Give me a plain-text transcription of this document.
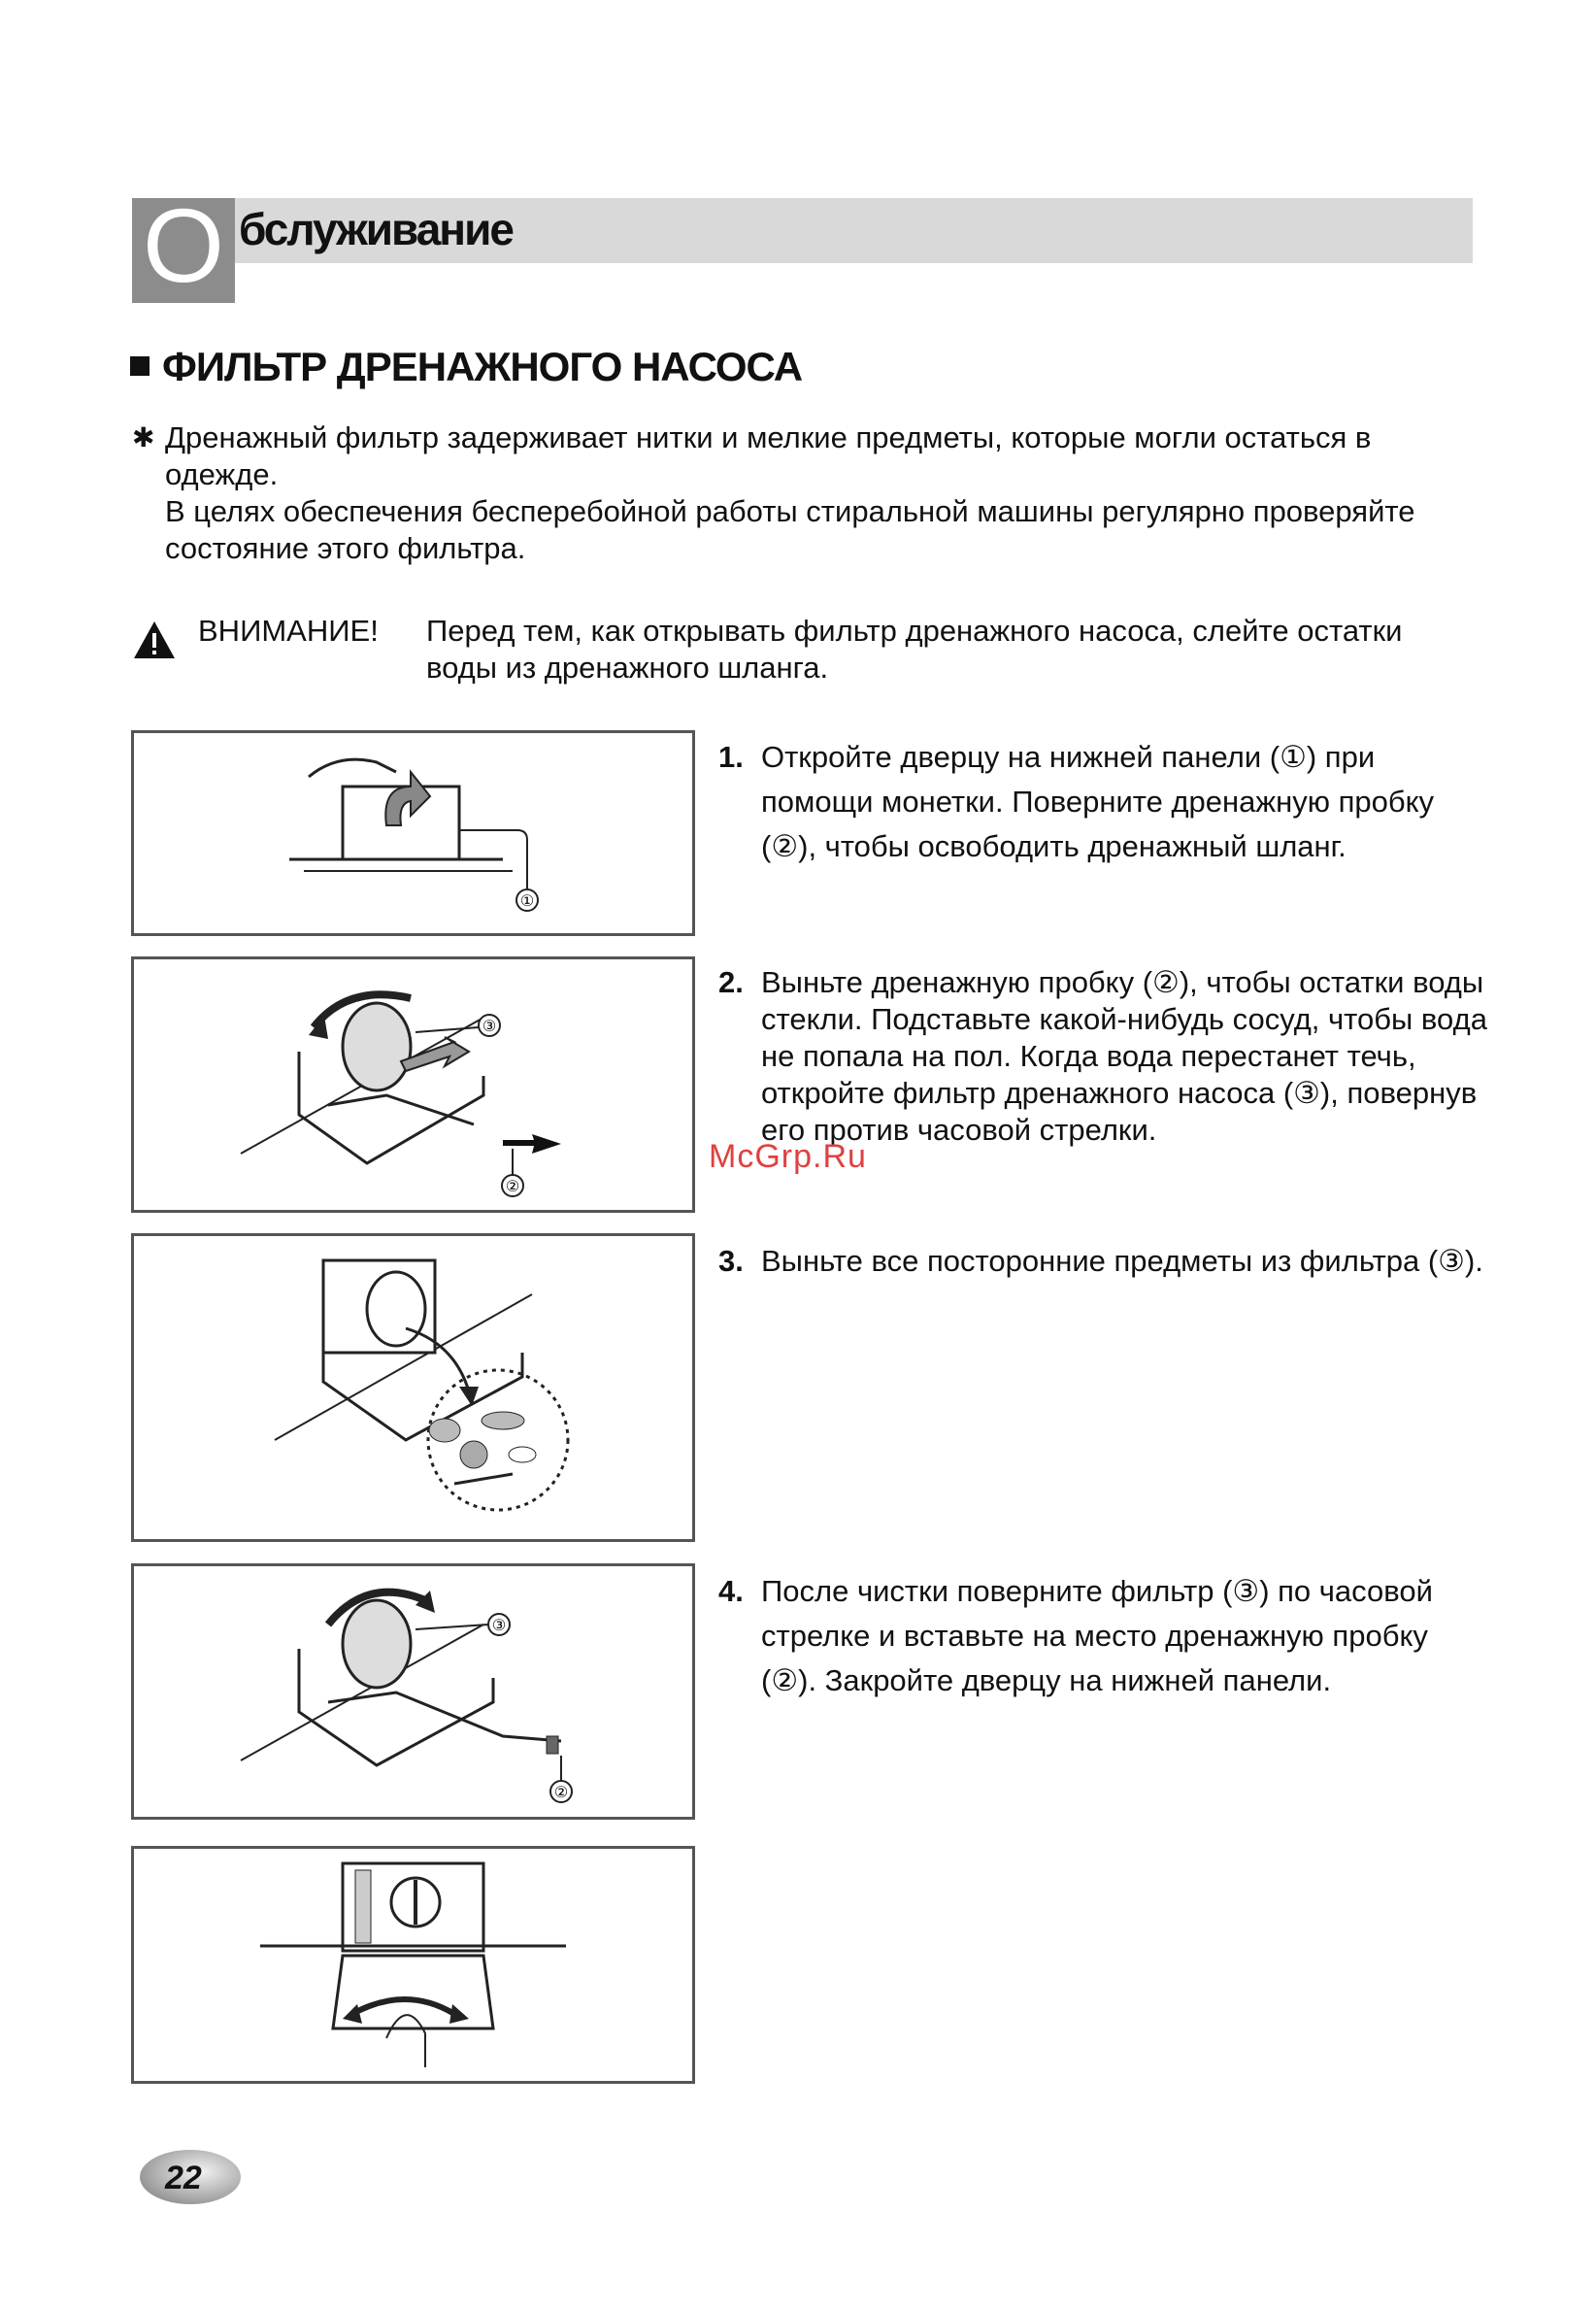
О бслуживание
ФИЛЬТР ДРЕНАЖНОГО НАСОСА
✱ Дренажный фильтр задерживает нитки и мелкие предметы, которые могли остаться в одежде.
В целях обеспечения бесперебойной работы стиральной машины регулярно проверяйте состояние этого фильтра.
ВНИМАНИЕ! Перед тем, как открывать фильтр дренажного насоса, слейте остатки воды из дренажного шланга.
①
③
②
③
②
1. Откройте дверцу на нижней панели (①) при помощи монетки. Поверните дренажную пробку (②), чтобы освободить дренажный шланг.
2. Выньте дренажную пробку (②), чтобы остатки воды стекли. Подставьте какой-нибудь сосуд, чтобы вода не попала на пол. Когда вода перестанет течь, откройте фильтр дренажного насоса (③), повернув его против часовой стрелки.
3. Выньте все посторонние предметы из фильтра (③).
4. После чистки поверните фильтр (③) по часовой стрелке и вставьте на место дренажную пробку (②). Закройте дверцу на нижней панели.
McGrp.Ru
22
